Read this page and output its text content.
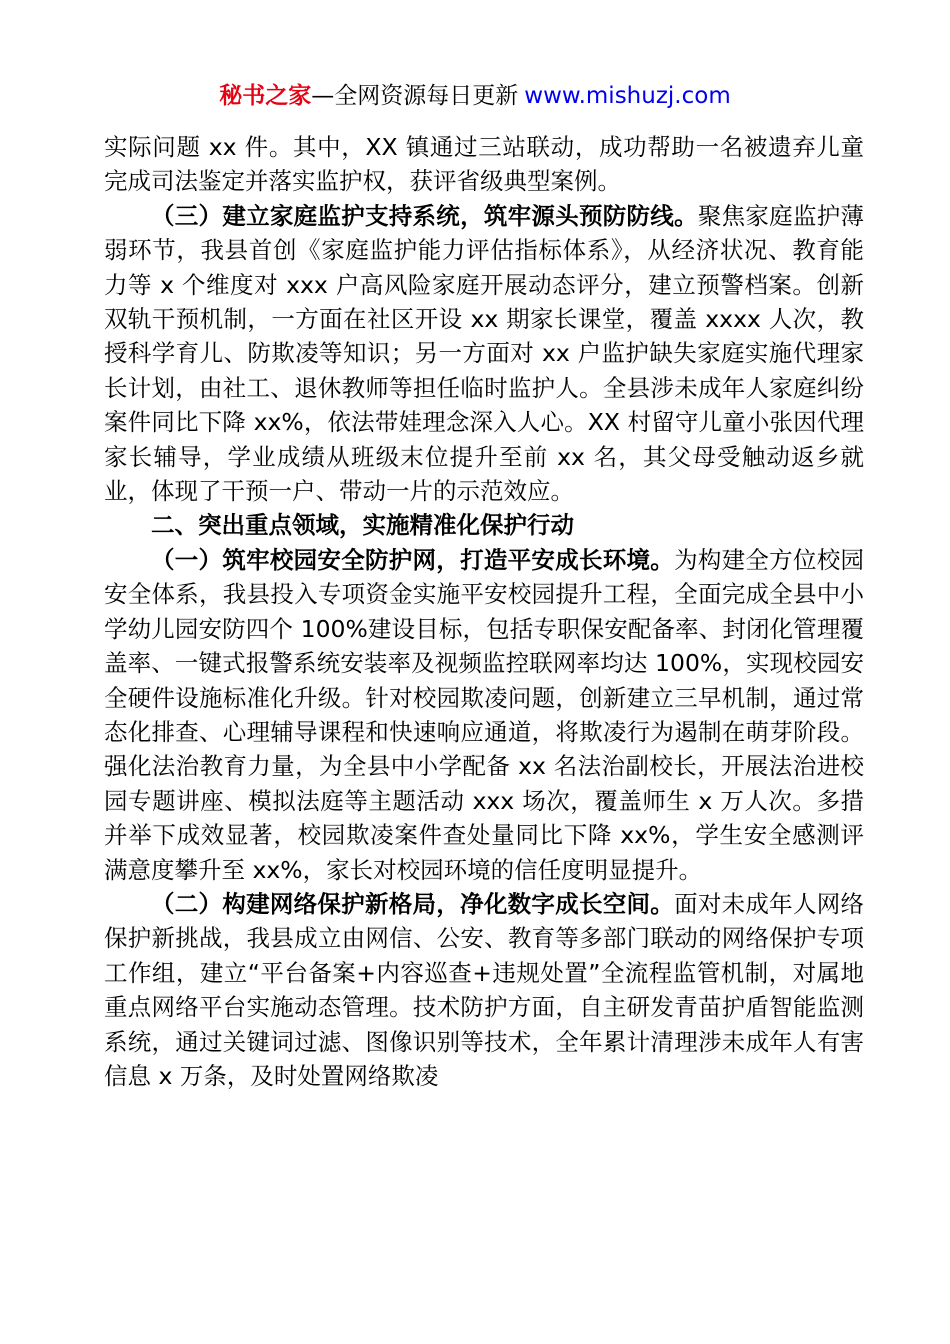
秘书之家—全网资源每日更新 www.mishuzj.com

实际问题 xx 件。其中，XX 镇通过三站联动，成功帮助一名被遗弃儿童完成司法鉴定并落实监护权，获评省级典型案例。

（三）建立家庭监护支持系统，筑牢源头预防防线。聚焦家庭监护薄弱环节，我县首创《家庭监护能力评估指标体系》，从经济状况、教育能力等 x 个维度对 xxx 户高风险家庭开展动态评分，建立预警档案。创新双轨干预机制，一方面在社区开设 xx 期家长课堂，覆盖 xxxx 人次，教授科学育儿、防欺凌等知识；另一方面对 xx 户监护缺失家庭实施代理家长计划，由社工、退休教师等担任临时监护人。全县涉未成年人家庭纠纷案件同比下降 xx%，依法带娃理念深入人心。XX 村留守儿童小张因代理家长辅导，学业成绩从班级末位提升至前 xx 名，其父母受触动返乡就业，体现了干预一户、带动一片的示范效应。

二、突出重点领域，实施精准化保护行动

（一）筑牢校园安全防护网，打造平安成长环境。为构建全方位校园安全体系，我县投入专项资金实施平安校园提升工程，全面完成全县中小学幼儿园安防四个 100%建设目标，包括专职保安配备率、封闭化管理覆盖率、一键式报警系统安装率及视频监控联网率均达 100%，实现校园安全硬件设施标准化升级。针对校园欺凌问题，创新建立三早机制，通过常态化排查、心理辅导课程和快速响应通道，将欺凌行为遏制在萌芽阶段。强化法治教育力量，为全县中小学配备 xx 名法治副校长，开展法治进校园专题讲座、模拟法庭等主题活动 xxx 场次，覆盖师生 x 万人次。多措并举下成效显著，校园欺凌案件查处量同比下降 xx%，学生安全感测评满意度攀升至 xx%，家长对校园环境的信任度明显提升。

（二）构建网络保护新格局，净化数字成长空间。面对未成年人网络保护新挑战，我县成立由网信、公安、教育等多部门联动的网络保护专项工作组，建立“平台备案+内容巡查+违规处置”全流程监管机制，对属地重点网络平台实施动态管理。技术防护方面，自主研发青苗护盾智能监测系统，通过关键词过滤、图像识别等技术，全年累计清理涉未成年人有害信息 x 万条，及时处置网络欺凌
